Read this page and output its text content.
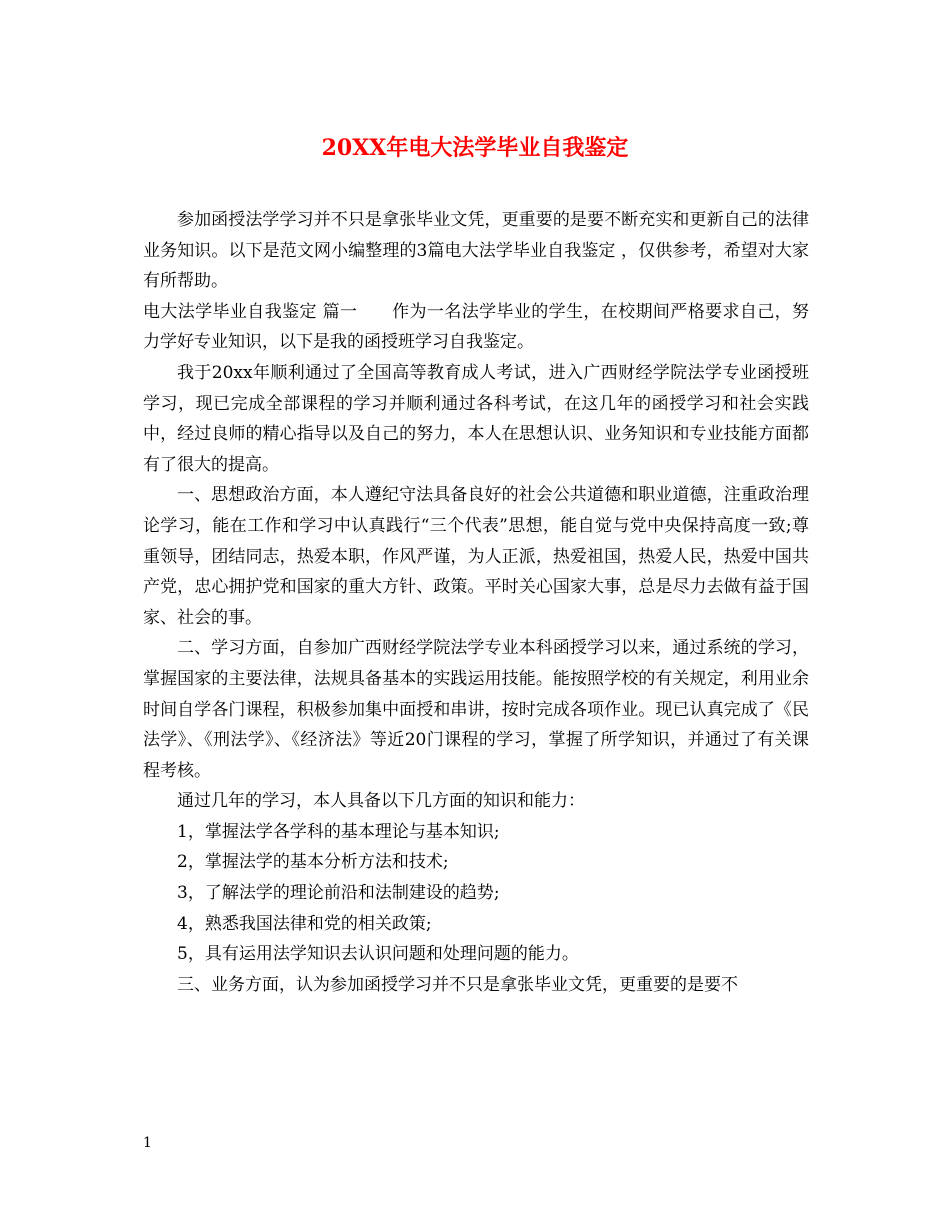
20XX年电大法学毕业自我鉴定

参加函授法学学习并不只是拿张毕业文凭，更重要的是要不断充实和更新自己的法律业务知识。以下是范文网小编整理的3篇电大法学毕业自我鉴定 ，仅供参考，希望对大家有所帮助。

电大法学毕业自我鉴定 篇一　　作为一名法学毕业的学生，在校期间严格要求自己，努力学好专业知识，以下是我的函授班学习自我鉴定。

我于20xx年顺利通过了全国高等教育成人考试，进入广西财经学院法学专业函授班学习，现已完成全部课程的学习并顺利通过各科考试，在这几年的函授学习和社会实践中，经过良师的精心指导以及自己的努力，本人在思想认识、业务知识和专业技能方面都有了很大的提高。

一、思想政治方面，本人遵纪守法具备良好的社会公共道德和职业道德，注重政治理论学习，能在工作和学习中认真践行“三个代表”思想，能自觉与党中央保持高度一致;尊重领导，团结同志，热爱本职，作风严谨，为人正派，热爱祖国，热爱人民，热爱中国共产党，忠心拥护党和国家的重大方针、政策。平时关心国家大事，总是尽力去做有益于国家、社会的事。

二、学习方面，自参加广西财经学院法学专业本科函授学习以来，通过系统的学习，掌握国家的主要法律，法规具备基本的实践运用技能。能按照学校的有关规定，利用业余时间自学各门课程，积极参加集中面授和串讲，按时完成各项作业。现已认真完成了《民法学》、《刑法学》、《经济法》等近20门课程的学习，掌握了所学知识，并通过了有关课程考核。

通过几年的学习，本人具备以下几方面的知识和能力：

1，掌握法学各学科的基本理论与基本知识;

2，掌握法学的基本分析方法和技术;

3，了解法学的理论前沿和法制建设的趋势;

4，熟悉我国法律和党的相关政策;

5，具有运用法学知识去认识问题和处理问题的能力。

三、业务方面，认为参加函授学习并不只是拿张毕业文凭，更重要的是要不

1
